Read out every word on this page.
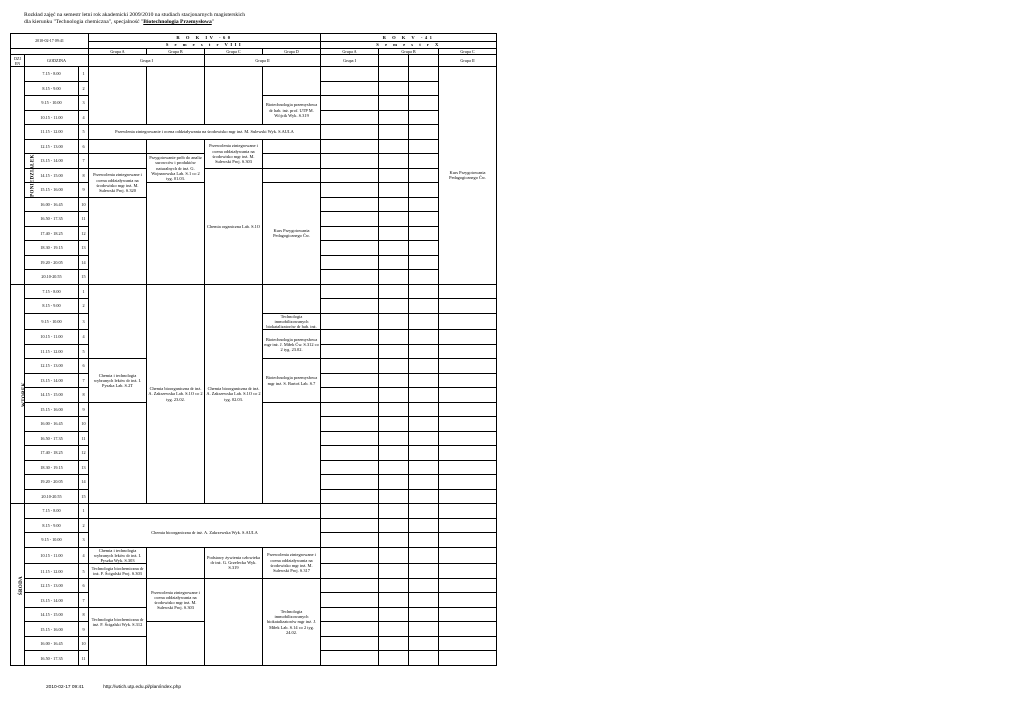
Rozkład zajęć na semestr letni rok akademicki 2009/2010 na studiach stacjonarnych magisterskich
dla kierunku "Technologia chemiczna", specjalność "Biotechnologia Przemysłowa"
2010-02-17 09:41			R O K IV -60				R O K V -41			
			S e m e s t r VIII				S e m e s t r X			
			Grupa A	Grupa B	Grupa C	Grupa D	Grupa A	Grupa B		Grupa C
DZI EN	GODZINA		Grupa I		Grupa II		Grupa I			Grupa II
PONIEDZIAŁEK	7.15 - 8.00	1								Kurs Przygotowania Pedagogicznego Ćw.
	8.15 - 9.00	2								
	9.15 - 10.00	3				Biotechnologia przemysłowa dr hab. inż. prof. UTP M. Wójcik Wyk. S.319				
	10.15 - 11.00	4								
	11.15 - 12.00	5	Przewlenia zintegrowanie i ocena oddziaływania na środowisko mgr inż. M. Sulewski Wyk. S.AULA							
	12.15 - 13.00	6			Przewolenia zintegrowane i ocena oddziaływania na środowisko mgr inż. M. Sulewski Proj. S.303					
	13.15 - 14.00	7		Przygotowanie prób do analiz surowców i produktów naturalnych dr inż. G. Wojnarowska Lab. S.1 co 2 tyg. 01.03.						
	14.15 - 15.00	8	Przewolenia zintegrowane i ocena oddziaływania na środowisko mgr inż. M. Sulewski Proj. S.320		Chemia organiczna Lab. S.1O					
	15.15 - 16.00	9				Kurs Przygotowania Pedagogicznego Ćw.				
	16.00 - 16.45	10								
	16.50 - 17.35	11								
	17.40 - 18.25	12								
	18.30 - 19.15	13								
	19.20 - 20.05	14								
	20.10-20.55	15								
WTOREK	7.15 - 8.00	1		Chemia bioorganiczna dr inż. A. Zakrzewska Lab. S.1O co 2 tyg. 23.02.	Chemia bioorganiczna dr inż. A. Zakrzewska Lab. S.1O co 2 tyg. 02.03.					
	8.15 - 9.00	2								
	9.15 - 10.00	3				Technologia immobilizowanych biokatalizatorów dr hab. inż.				
	10.15 - 11.00	4				Biotechnologia przemysłowa mgr inż. J. Miłek Ćw. S.312 co 2 tyg. 23.02.				
	11.15 - 12.00	5								
	12.15 - 13.00	6	Chemia i technologia wybranych leków dr inż. I. Pyszka Lab. S.2T			Biotechnologia przemysłowa mgr inż. S. Bartoś Lab. S.7				
	13.15 - 14.00	7								
	14.15 - 15.00	8								
	15.15 - 16.00	9								
	16.00 - 16.45	10								
	16.50 - 17.35	11								
	17.40 - 18.25	12								
	18.30 - 19.15	13								
	19.20 - 20.05	14								
	20.10-20.55	15								
ŚRODA	7.15 - 8.00	1								
	8.15 - 9.00	2	Chemia bioorganiczna dr inż. A. Zakrzewska Wyk. S.AULA							
	9.15 - 10.00	3								
	10.15 - 11.00	4	Chemia i technologia wybranych leków dr inż. I. Pyszka Wyk. S.303		Podstawy żywienia człowieka dr inż. G. Grzeleckа Wyk. S.319	Przewolenia zintegrowane i ocena oddziaływania na środowisko mgr inż. M. Sulewski Proj. S.317				
	11.15 - 12.00	5	Technologia biochemiczna dr inż. F. Ścigalski Proj. S.303							
	12.15 - 13.00	6		Przewolenia zintegrowane i ocena oddziaływania na środowisko mgr inż. M. Sulewski Proj. S.303		Technologia immobilizowanych biokatalizatorów mgr inż. J. Miłek Lab. S.14 co 2 tyg. 24.02.				
	13.15 - 14.00	7								
	14.15 - 15.00	8	Technologia biochemiczna dr inż. F. Ścigalski Wyk. S.312							
	15.15 - 16.00	9								
	16.00 - 16.45	10								
	16.50 - 17.35	11								
2010-02-17 09:41	http://wtich.utp.edu.pl/plan/index.php
